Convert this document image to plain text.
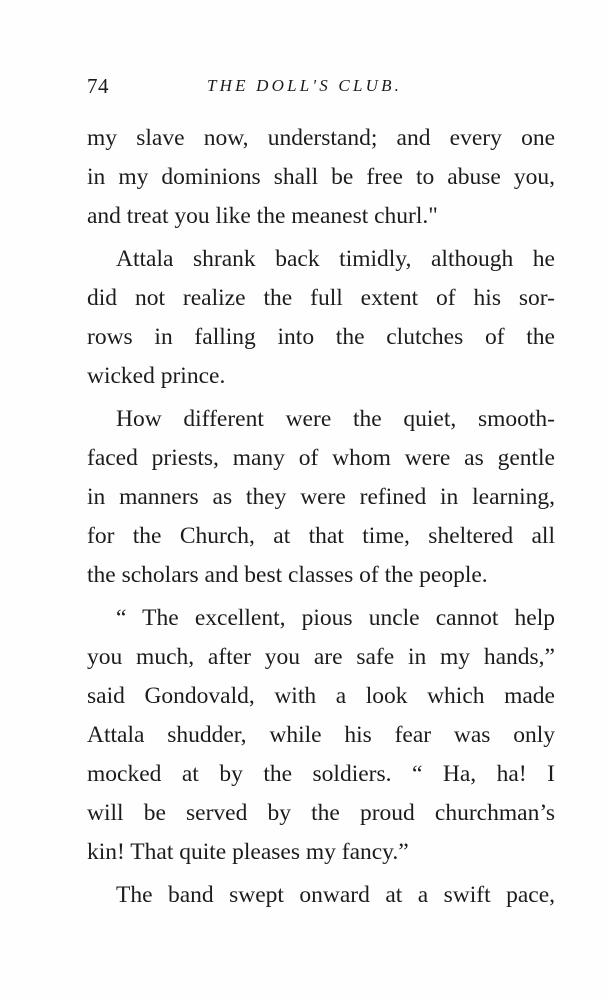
74	THE DOLL'S CLUB.
my slave now, understand; and every one
in my dominions shall be free to abuse you,
and treat you like the meanest churl."
Attala shrank back timidly, although he
did not realize the full extent of his sor-
rows in falling into the clutches of the
wicked prince.
How different were the quiet, smooth-
faced priests, many of whom were as gentle
in manners as they were refined in learning,
for the Church, at that time, sheltered all
the scholars and best classes of the people.
“ The excellent, pious uncle cannot help
you much, after you are safe in my hands,”
said Gondovald, with a look which made
Attala shudder, while his fear was only
mocked at by the soldiers. “ Ha, ha! I
will be served by the proud churchman’s
kin! That quite pleases my fancy.”
The band swept onward at a swift pace,
